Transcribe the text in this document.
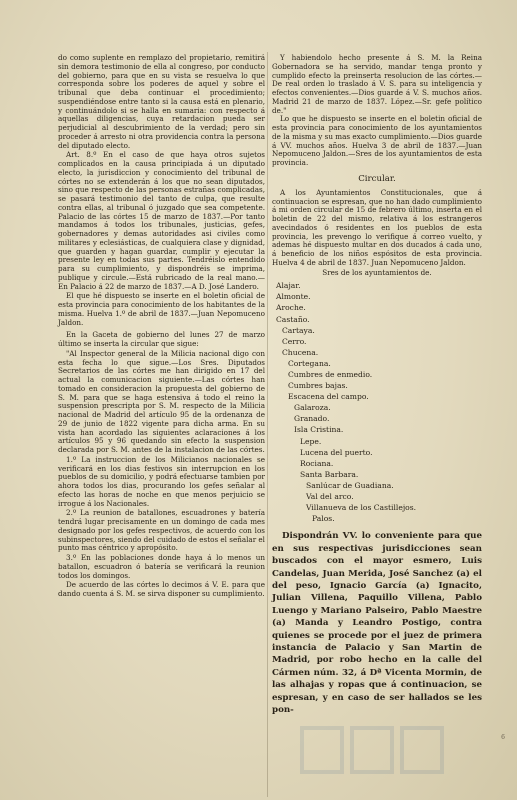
do como suplente en remplazo del propietario, remitirá sin demora testimonio de ella al congreso, por conducto del gobierno, para que en su vista se resuelva lo que corresponda sobre los poderes de aquel y sobre el tribunal que deba continuar el procedimiento; suspendiéndose entre tanto si la causa está en plenario, y continuándolo si se halla en sumaria: con respecto á aquellas diligencias, cuya retardacion pueda ser perjudicial al descubrimiento de la verdad; pero sin proceder á arresto ni otra providencia contra la persona del diputado electo.

Art. 8.º En el caso de que haya otros sujetos complicados en la causa principiada á un diputado electo, la jurisdiccion y conocimiento del tribunal de córtes no se extenderán á los que no sean diputados, sino que respecto de las personas estrañas complicadas, se pasará testimonio del tanto de culpa, que resulte contra ellas, al tribunal ó juzgado que sea competente. Palacio de las córtes 15 de marzo de 1837.—Por tanto mandamos á todos los tribunales, justicias, gefes, gobernadores y demas autoridades asi civiles como militares y eclesiásticas, de cualquiera clase y dignidad, que guarden y hagan guardar, cumplir y ejecutar la presente ley en todas sus partes. Tendréislo entendido para su cumplimiento, y dispondréis se imprima, publique y circule.—Está rubricado de la real mano.—En Palacio á 22 de marzo de 1837.—A D. José Landero.

El que hé dispuesto se inserte en el boletin oficial de esta provincia para conocimiento de los habitantes de la misma. Huelva 1.º de abril de 1837.—Juan Nepomuceno Jaldon.

En la Gaceta de gobierno del lunes 27 de marzo último se inserta la circular que sigue:

"Al Inspector general de la Milicia nacional digo con esta fecha lo que sigue.—Los Sres. Diputados Secretarios de las córtes me han dirigido en 17 del actual la comunicacion siguiente.—Las córtes han tomado en consideracion la propuesta del gobierno de S. M. para que se haga estensiva á todo el reino la suspension prescripta por S. M. respecto de la Milicia nacional de Madrid del artículo 95 de la ordenanza de 29 de junio de 1822 vigente para dicha arma. En su vista han acordado las siguientes aclaraciones á los artículos 95 y 96 quedando sin efecto la suspension declarada por S. M. antes de la instalacion de las córtes.

1.º La instruccion de los Milicianos nacionales se verificará en los dias festivos sin interrupcion en los pueblos de su domicilio, y podrá efectuarse tambien por ahora todos los dias, procurando los gefes señalar al efecto las horas de noche en que menos perjuicio se irrogue á los Nacionales.

2.º La reunion de batallones, escuadrones y batería tendrá lugar precisamente en un domingo de cada mes designado por los gefes respectivos, de acuerdo con los subinspectores, siendo del cuidado de estos el señalar el punto mas céntrico y apropósito.

3.º En las poblaciones donde haya á lo menos un batallon, escuadron ó batería se verificará la reunion todos los domingos.

De acuerdo de las córtes lo decimos á V. E. para que dando cuenta á S. M. se sirva disponer su cumplimiento.

Y habiendolo hecho presente á S. M. la Reina Gobernadora se ha servido, mandar tenga pronto y cumplido efecto la preinserta resolucion de las córtes.—De real orden lo traslado á V. S. para su inteligencia y efectos convenientes.—Dios guarde á V. S. muchos años. Madrid 21 de marzo de 1837. López.—Sr. gefe político de."

Lo que he dispuesto se inserte en el boletin oficial de esta provincia para conocimiento de los ayuntamientos de la misma y su mas exacto cumplimiento.—Dios guarde á VV. muchos años. Huelva 3 de abril de 1837.—Juan Nepomuceno Jaldon.—Sres de los ayuntamientos de esta provincia.

Circular.

A los Ayuntamientos Constitucionales, que á continuacion se espresan, que no han dado cumplimiento á mi orden circular de 15 de febrero último, inserta en el boletin de 22 del mismo, relativa á los estrangeros avecindados ó residentes en los pueblos de esta provincia, les prevengo lo verifique á correo vuelto, y ademas hé dispuesto multar en dos ducados á cada uno, á beneficio de los niños espósitos de esta provincia. Huelva 4 de abril de 1837. Juan Nepomuceno Jaldon.

Sres de los ayuntamientos de.

Alajar.
Almonte.
Aroche.
Castaño.
Cartaya.
Cerro.
Chucena.
Cortegana.
Cumbres de enmedio.
Cumbres bajas.
Escacena del campo.
Galaroza.
Granado.
Isla Cristina.
Lepe.
Lucena del puerto.
Rociana.
Santa Barbara.
Sanlúcar de Guadiana.
Val del arco.
Villanueva de los Castillejos.
Palos.

Dispondrán VV. lo conveniente para que en sus respectivas jurisdicciones sean buscados con el mayor esmero, Luis Candelas, Juan Merida, José Sanchez (a) el del peso, Ignacio García (a) Ignacito, Julian Villena, Paquillo Villena, Pablo Luengo y Mariano Palseiro, Pablo Maestre (a) Manda y Leandro Postigo, contra quienes se procede por el juez de primera instancia de Palacio y San Martin de Madrid, por robo hecho en la calle del Cármen núm. 32, á Dª Vicenta Mormin, de las alhajas y ropas que á continuacion, se espresan, y en caso de ser hallados se les pon-

6
